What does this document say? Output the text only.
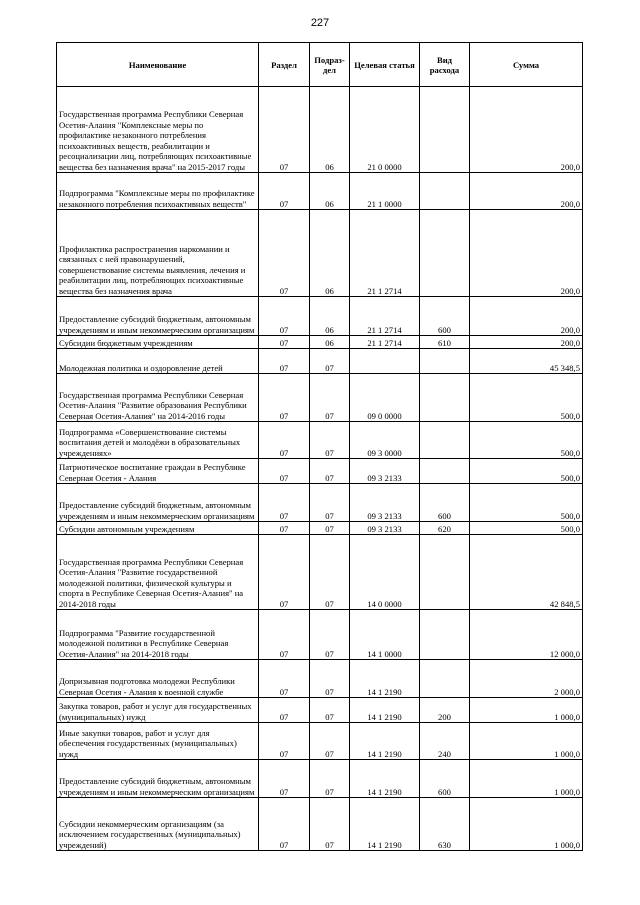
227
Наименование	Раздел	Подраз-дел	Целевая статья	Вид расхода	Сумма
Государственная программа Республики Северная Осетия-Алания "Комплексные меры по профилактике незаконного потребления психоактивных веществ, реабилитации и ресоциализации лиц, потребляющих психоактивные вещества без назначения врача" на 2015-2017 годы	07	06	21 0 0000		200,0
Подпрограмма "Комплексные меры по профилактике незаконного потребления психоактивных веществ"	07	06	21 1 0000		200,0
Профилактика распространения наркомании и связанных с ней правонарушений, совершенствование системы выявления, лечения и реабилитации лиц, потребляющих психоактивные вещества без назначения врача	07	06	21 1 2714		200,0
Предоставление субсидий бюджетным, автономным учреждениям и иным некоммерческим организациям	07	06	21 1 2714	600	200,0
Субсидии бюджетным учреждениям	07	06	21 1 2714	610	200,0
Молодежная политика и оздоровление детей	07	07			45 348,5
Государственная программа Республики Северная Осетия-Алания "Развитие образования Республики Северная Осетия-Алания" на 2014-2016 годы	07	07	09 0 0000		500,0
Подпрограмма «Совершенствование системы воспитания детей и молодёжи в образовательных учреждениях»	07	07	09 3 0000		500,0
Патриотическое воспитание граждан в Республике Северная Осетия - Алания	07	07	09 3 2133		500,0
Предоставление субсидий бюджетным, автономным учреждениям и иным некоммерческим организациям	07	07	09 3 2133	600	500,0
Субсидии автономным учреждениям	07	07	09 3 2133	620	500,0
Государственная программа Республики Северная Осетия-Алания "Развитие государственной молодежной политики, физической культуры и спорта в Республике Северная Осетия-Алания" на 2014-2018 годы	07	07	14 0 0000		42 848,5
Подпрограмма "Развитие государственной молодежной политики в Республике Северная Осетия-Алания" на 2014-2018 годы	07	07	14 1 0000		12 000,0
Допризывная подготовка молодежи Республики Северная Осетия - Алания к военной службе	07	07	14 1 2190		2 000,0
Закупка товаров, работ и услуг для государственных (муниципальных) нужд	07	07	14 1 2190	200	1 000,0
Иные закупки товаров, работ и услуг для обеспечения государственных (муниципальных) нужд	07	07	14 1 2190	240	1 000,0
Предоставление субсидий бюджетным, автономным учреждениям и иным некоммерческим организациям	07	07	14 1 2190	600	1 000,0
Субсидии некоммерческим организациям (за исключением государственных (муниципальных) учреждений)	07	07	14 1 2190	630	1 000,0
